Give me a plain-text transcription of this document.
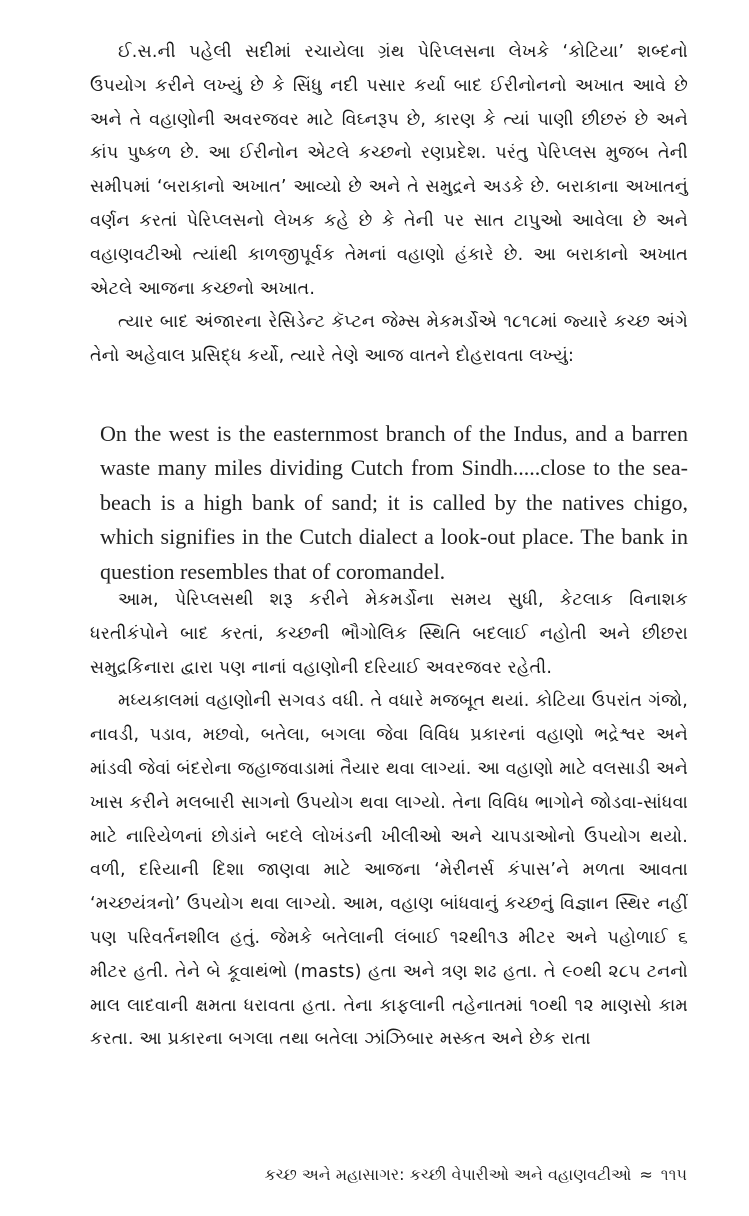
ઈ.સ.ની પહેલી સદીમાં રચાયેલા ગ્રંથ પેરિપ્લસના લેખકે ‘કોટિયા’ શબ્દનો ઉપયોગ કરીને લખ્યું છે કે સિંધુ નદી પસાર કર્યા બાદ ઈરીનોનનો અખાત આવે છે અને તે વહાણોની અવરજવર માટે વિઘ્નરૂપ છે, કારણ કે ત્યાં પાણી છીછરું છે અને કાંપ પુષ્કળ છે. આ ઈરીનોન એટલે કચ્છનો રણપ્રદેશ. પરંતુ પેરિપ્લસ મુજબ તેની સમીપમાં ‘બરાકાનો અખાત’ આવ્યો છે અને તે સમુદ્રને અડકે છે. બરાકાના અખાતનું વર્ણન કરતાં પેરિપ્લસનો લેખક કહે છે કે તેની પર સાત ટાપુઓ આવેલા છે અને વહાણવટીઓ ત્યાંથી કાળજીપૂર્વક તેમનાં વહાણો હંકારે છે. આ બરાકાનો અખાત એટલે આજના કચ્છનો અખાત.

ત્યાર બાદ અંજારના રેસિડેન્ટ કૅપ્ટન જેમ્સ મેકમર્ડોએ ૧૮૧૮માં જ્યારે કચ્છ અંગે તેનો અહેવાલ પ્રસિદ્ધ કર્યો, ત્યારે તેણે આજ વાતને દોહરાવતા લખ્યું:

On the west is the easternmost branch of the Indus, and a barren waste many miles dividing Cutch from Sindh.....close to the sea-beach is a high bank of sand; it is called by the natives chigo, which signifies in the Cutch dialect a look-out place. The bank in question resembles that of coromandel.

આમ, પેરિપ્લસથી શરૂ કરીને મેકમર્ડોના સમય સુધી, કેટલાક વિનાશક ધરતીકંપોને બાદ કરતાં, કચ્છની ભૌગોલિક સ્થિતિ બદલાઈ નહોતી અને છીછરા સમુદ્રકિનારા દ્વારા પણ નાનાં વહાણોની દરિયાઈ અવરજવર રહેતી.

મધ્યકાલમાં વહાણોની સગવડ વધી. તે વધારે મજબૂત થયાં. કોટિયા ઉપરાંત ગંજો, નાવડી, પડાવ, મછવો, બતેલા, બગલા જેવા વિવિધ પ્રકારનાં વહાણો ભદ્રેશ્વર અને માંડવી જેવાં બંદરોના જહાજવાડામાં તૈયાર થવા લાગ્યાં. આ વહાણો માટે વલસાડી અને ખાસ કરીને મલબારી સાગનો ઉપયોગ થવા લાગ્યો. તેના વિવિધ ભાગોને જોડવા-સાંધવા માટે નારિયેળનાં છોડાંને બદલે લોખંડની ખીલીઓ અને ચાપડાઓનો ઉપયોગ થયો. વળી, દરિયાની દિશા જાણવા માટે આજના ‘મેરીનર્સ કંપાસ’ને મળતા આવતા ‘મચ્છયંત્રનો’ ઉપયોગ થવા લાગ્યો. આમ, વહાણ બાંધવાનું કચ્છનું વિજ્ઞાન સ્થિર નહીં પણ પરિવર્તનશીલ હતું. જેમકે બતેલાની લંબાઈ ૧૨થી૧૩ મીટર અને પહોળાઈ ૬ મીટર હતી. તેને બે કૂવાથંભો (masts) હતા અને ત્રણ શઢ હતા. તે ૯૦થી ૨૮૫ ટનનો માલ લાદવાની ક્ષમતા ધરાવતા હતા. તેના કાફલાની તહેનાતમાં ૧૦થી ૧૨ માણસો કામ કરતા. આ પ્રકારના બગલા તથા બતેલા ઝાંઝિબાર મસ્કત અને છેક રાતા

કચ્છ અને મહાસાગર: કચ્છી વેપારીઓ અને વહાણવટીઓ ≈ ૧૧૫
